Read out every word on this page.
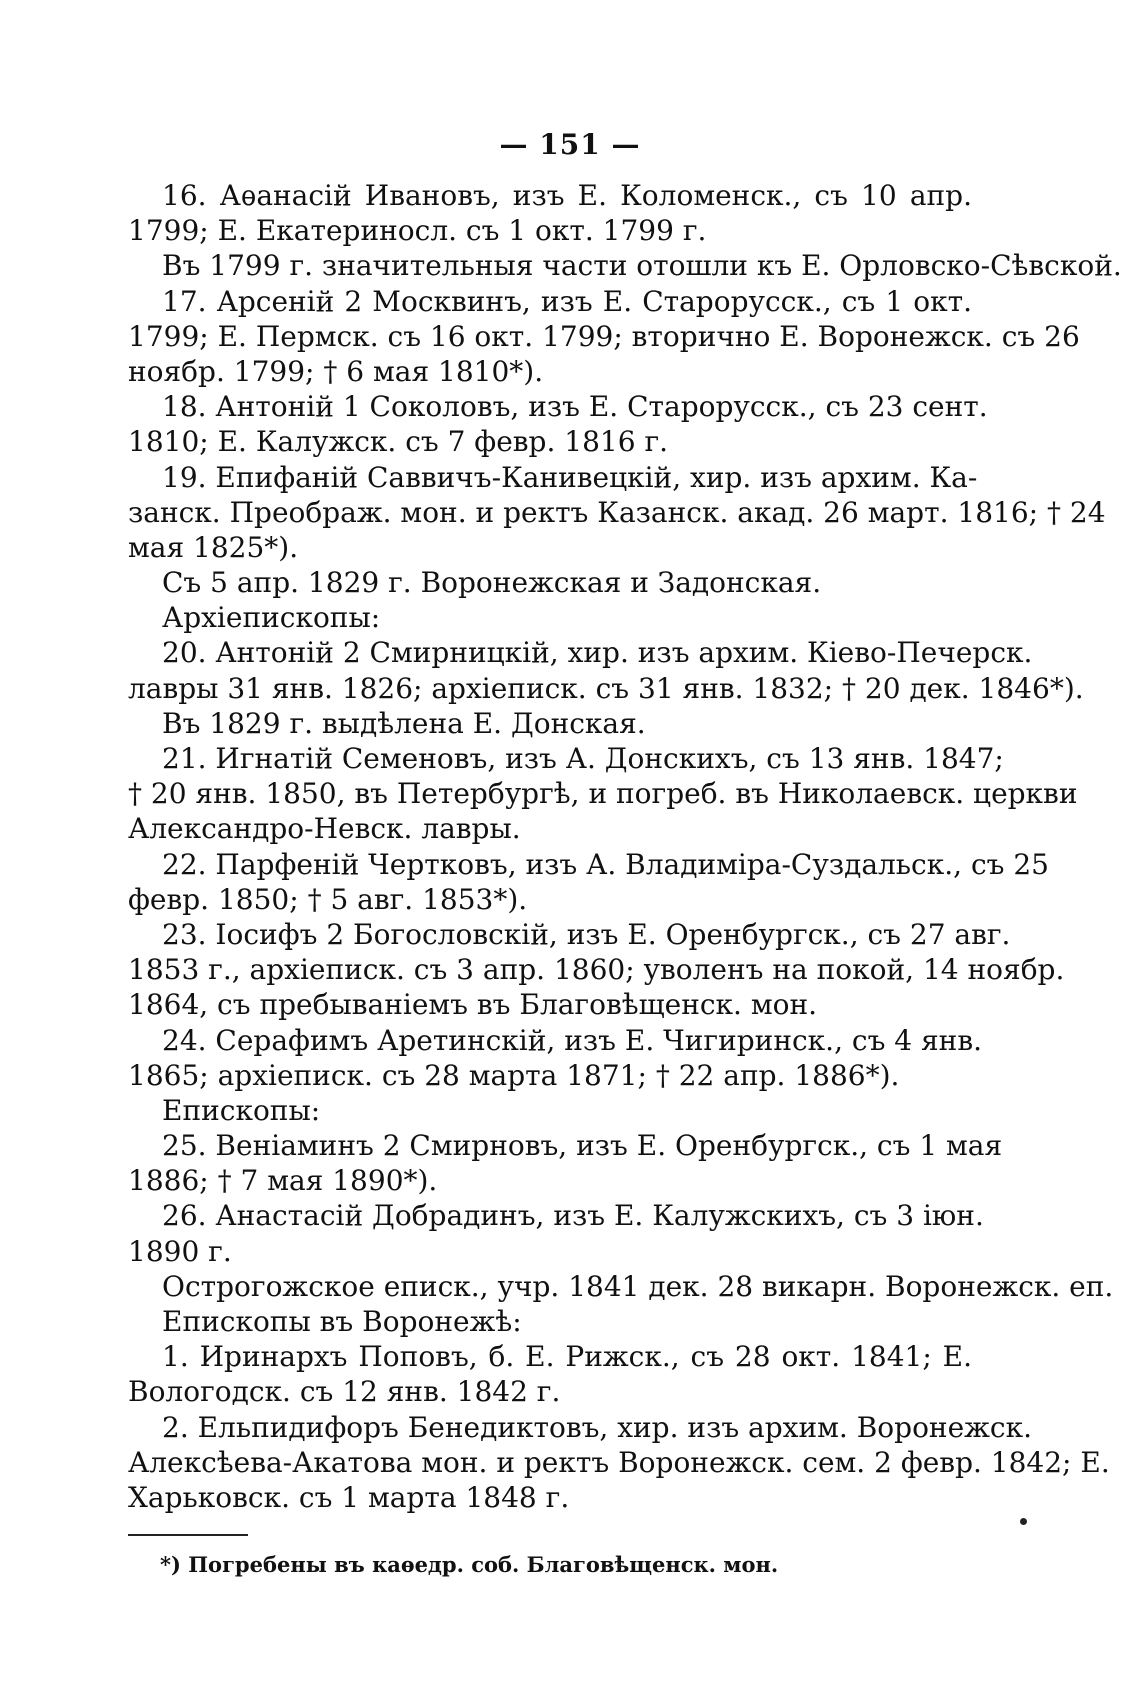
— 151 —
16. Аѳанасій Ивановъ, изъ Е. Коломенск., съ 10 апр.
1799; Е. Екатериносл. съ 1 окт. 1799 г.
Въ 1799 г. значительныя части отошли къ Е. Орловско-Сѣвской.
17. Арсеній 2 Москвинъ, изъ Е. Старорусск., съ 1 окт.
1799; Е. Пермск. съ 16 окт. 1799; вторично Е. Воронежск. съ 26
ноябр. 1799; † 6 мая 1810*).
18. Антоній 1 Соколовъ, изъ Е. Старорусск., съ 23 сент.
1810; Е. Калужск. съ 7 февр. 1816 г.
19. Епифаній Саввичъ-Канивецкій, хир. изъ архим. Ка-
занск. Преображ. мон. и ректъ Казанск. акад. 26 март. 1816; † 24
мая 1825*).
Съ 5 апр. 1829 г. Воронежская и Задонская.
Архіепископы:
20. Антоній 2 Смирницкій, хир. изъ архим. Кіево-Печерск.
лавры 31 янв. 1826; архіеписк. съ 31 янв. 1832; † 20 дек. 1846*).
Въ 1829 г. выдѣлена Е. Донская.
21. Игнатій Семеновъ, изъ А. Донскихъ, съ 13 янв. 1847;
† 20 янв. 1850, въ Петербургѣ, и погреб. въ Николаевск. церкви
Александро-Невск. лавры.
22. Парфеній Чертковъ, изъ А. Владиміра-Суздальск., съ 25
февр. 1850; † 5 авг. 1853*).
23. Іосифъ 2 Богословскій, изъ Е. Оренбургск., съ 27 авг.
1853 г., архіеписк. съ 3 апр. 1860; уволенъ на покой, 14 ноябр.
1864, съ пребываніемъ въ Благовѣщенск. мон.
24. Серафимъ Аретинскій, изъ Е. Чигиринск., съ 4 янв.
1865; архіеписк. съ 28 марта 1871; † 22 апр. 1886*).
Епископы:
25. Веніаминъ 2 Смирновъ, изъ Е. Оренбургск., съ 1 мая
1886; † 7 мая 1890*).
26. Анастасій Добрадинъ, изъ Е. Калужскихъ, съ 3 іюн.
1890 г.
Острогожское еписк., учр. 1841 дек. 28 викарн. Воронежск. еп.
Епископы въ Воронежѣ:
1. Иринархъ Поповъ, б. Е. Рижск., съ 28 окт. 1841; Е.
Вологодск. съ 12 янв. 1842 г.
2. Ельпидифоръ Бенедиктовъ, хир. изъ архим. Воронежск.
Алексѣева-Акатова мон. и ректъ Воронежск. сем. 2 февр. 1842; Е.
Харьковск. съ 1 марта 1848 г.
*) Погребены въ каѳедр. соб. Благовѣщенск. мон.
